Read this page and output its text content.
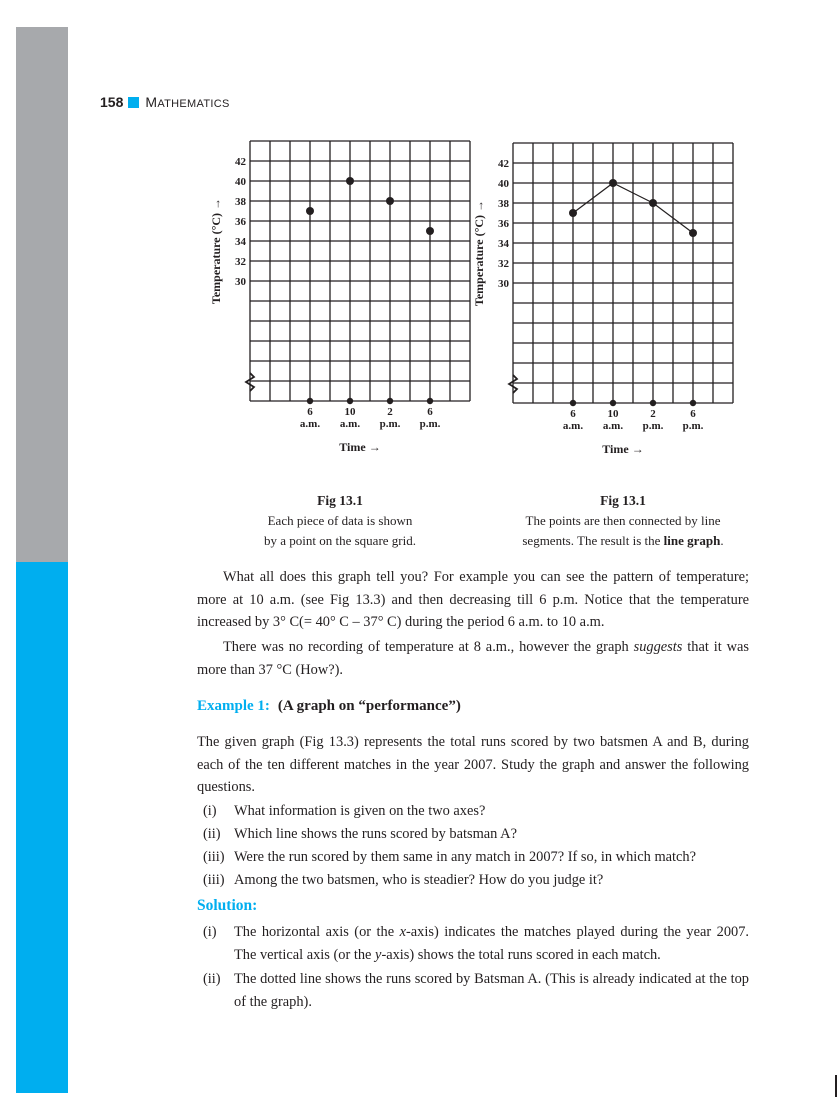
158 MATHEMATICS
42
40
38
36
34
32
30
6
a.m.
10
a.m.
2
p.m.
6
p.m.
Time →
Temperature (°C) →
42
40
38
36
34
32
30
6
a.m.
10
a.m.
2
p.m.
6
p.m.
Time →
Temperature (°C) →
Fig 13.1
Each piece of data is shown
by a point on the square grid.
Fig 13.1
The points are then connected by line
segments. The result is the line graph.
What all does this graph tell you? For example you can see the pattern of temperature; more at 10 a.m. (see Fig 13.3) and then decreasing till 6 p.m. Notice that the temperature increased by 3° C(= 40° C – 37° C) during the period 6 a.m. to 10 a.m.
There was no recording of temperature at 8 a.m., however the graph suggests that it was more than 37 °C (How?).
Example 1: (A graph on “performance”)
The given graph (Fig 13.3) represents the total runs scored by two batsmen A and B, during each of the ten different matches in the year 2007. Study the graph and answer the following questions.
(i) What information is given on the two axes?
(ii) Which line shows the runs scored by batsman A?
(iii) Were the run scored by them same in any match in 2007? If so, in which match?
(iii) Among the two batsmen, who is steadier? How do you judge it?
Solution:
(i)	The horizontal axis (or the x-axis) indicates the matches played during the year 2007. The vertical axis (or the y-axis) shows the total runs scored in each match.
(ii) The dotted line shows the runs scored by Batsman A. (This is already indicated at the top of the graph).
